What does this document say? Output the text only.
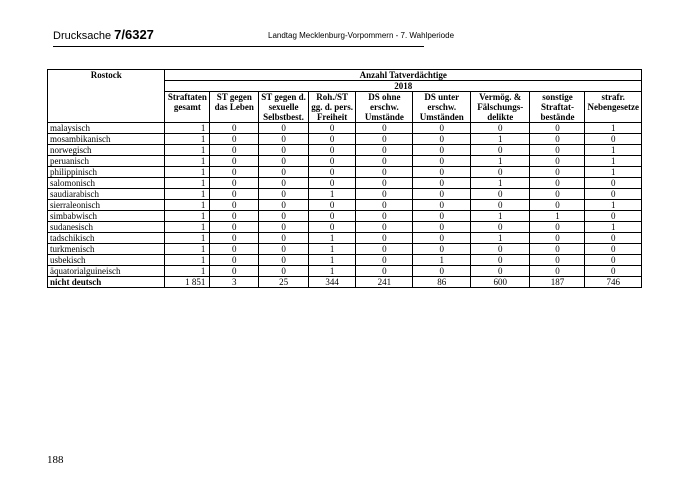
Drucksache 7/6327	Landtag Mecklenburg-Vorpommern - 7. Wahlperiode
Rostock	Anzahl Tatverdächtige								
	2018								
	Straftaten gesamt	ST gegen das Leben	ST gegen d. sexuelle Selbstbest.	Roh./ST gg. d. pers. Freiheit	DS ohne erschw. Umstände	DS unter erschw. Umständen	Vermög. & Fälschungs-delikte	sonstige Straftat-bestände	strafr. Nebengesetze
malaysisch	1	0	0	0	0	0	0	0	1
mosambikanisch	1	0	0	0	0	0	1	0	0
norwegisch	1	0	0	0	0	0	0	0	1
peruanisch	1	0	0	0	0	0	1	0	1
philippinisch	1	0	0	0	0	0	0	0	1
salomonisch	1	0	0	0	0	0	1	0	0
saudiarabisch	1	0	0	1	0	0	0	0	0
sierraleonisch	1	0	0	0	0	0	0	0	1
simbabwisch	1	0	0	0	0	0	1	1	0
sudanesisch	1	0	0	0	0	0	0	0	1
tadschikisch	1	0	0	1	0	0	1	0	0
turkmenisch	1	0	0	1	0	0	0	0	0
usbekisch	1	0	0	1	0	1	0	0	0
äquatorialguineisch	1	0	0	1	0	0	0	0	0
nicht deutsch	1 851	3	25	344	241	86	600	187	746
188
